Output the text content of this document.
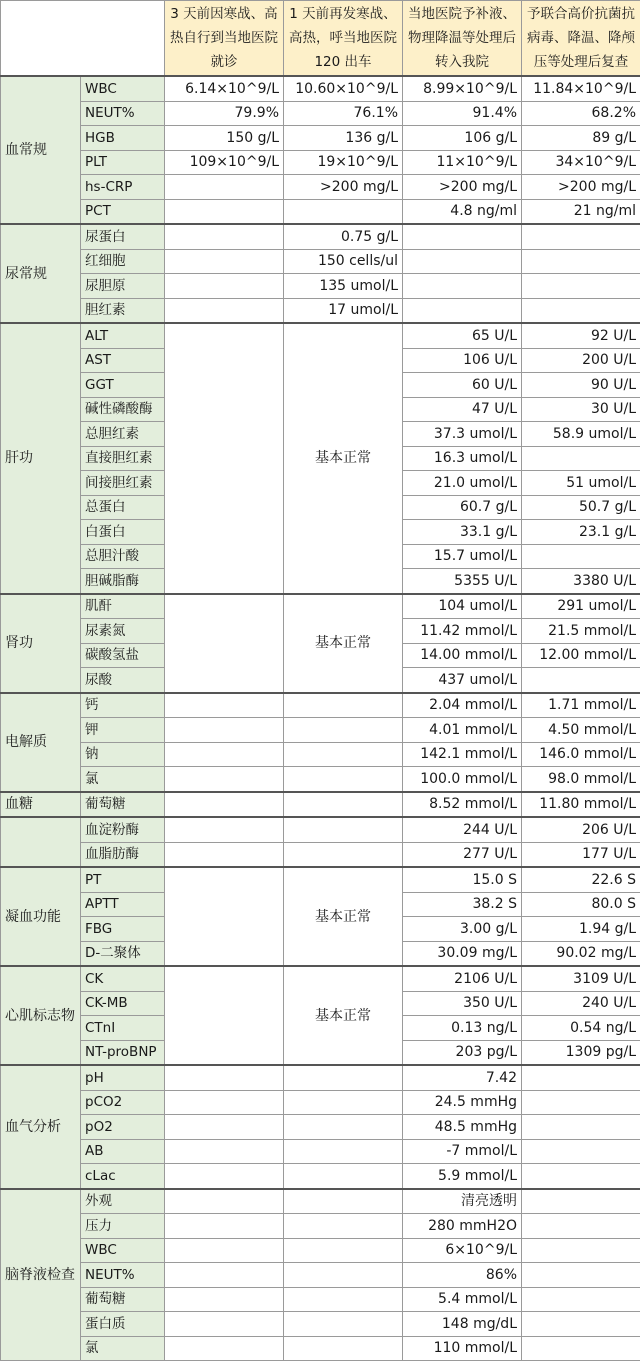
		3 天前因寒战、高热自行到当地医院就诊	1 天前再发寒战、高热，呼当地医院 120 出车	当地医院予补液、物理降温等处理后转入我院	予联合高价抗菌抗病毒、降温、降颅压等处理后复查
血常规	WBC	6.14×10^9/L	10.60×10^9/L	8.99×10^9/L	11.84×10^9/L
	NEUT%	79.9%	76.1%	91.4%	68.2%
	HGB	150 g/L	136 g/L	106 g/L	89 g/L
	PLT	109×10^9/L	19×10^9/L	11×10^9/L	34×10^9/L
	hs-CRP		>200 mg/L	>200 mg/L	>200 mg/L
	PCT			4.8 ng/ml	21 ng/ml
尿常规	尿蛋白		0.75 g/L		
	红细胞		150 cells/ul		
	尿胆原		135 umol/L		
	胆红素		17 umol/L		
肝功	ALT		基本正常	65 U/L	92 U/L
	AST			106 U/L	200 U/L
	GGT			60 U/L	90 U/L
	碱性磷酸酶			47 U/L	30 U/L
	总胆红素			37.3 umol/L	58.9 umol/L
	直接胆红素			16.3 umol/L	
	间接胆红素			21.0 umol/L	51 umol/L
	总蛋白			60.7 g/L	50.7 g/L
	白蛋白			33.1 g/L	23.1 g/L
	总胆汁酸			15.7 umol/L	
	胆碱脂酶			5355 U/L	3380 U/L
肾功	肌酐		基本正常	104 umol/L	291 umol/L
	尿素氮			11.42 mmol/L	21.5 mmol/L
	碳酸氢盐			14.00 mmol/L	12.00 mmol/L
	尿酸			437 umol/L	
电解质	钙			2.04 mmol/L	1.71 mmol/L
	钾			4.01 mmol/L	4.50 mmol/L
	钠			142.1 mmol/L	146.0 mmol/L
	氯			100.0 mmol/L	98.0 mmol/L
血糖	葡萄糖			8.52 mmol/L	11.80 mmol/L
	血淀粉酶			244 U/L	206 U/L
	血脂肪酶			277 U/L	177 U/L
凝血功能	PT		基本正常	15.0 S	22.6 S
	APTT			38.2 S	80.0 S
	FBG			3.00 g/L	1.94 g/L
	D-二聚体			30.09 mg/L	90.02 mg/L
心肌标志物	CK		基本正常	2106 U/L	3109 U/L
	CK-MB			350 U/L	240 U/L
	CTnI			0.13 ng/L	0.54 ng/L
	NT-proBNP			203 pg/L	1309 pg/L
血气分析	pH			7.42	
	pCO2			24.5 mmHg	
	pO2			48.5 mmHg	
	AB			-7 mmol/L	
	cLac			5.9 mmol/L	
脑脊液检查	外观			清亮透明	
	压力			280 mmH2O	
	WBC			6×10^9/L	
	NEUT%			86%	
	葡萄糖			5.4 mmol/L	
	蛋白质			148 mg/dL	
	氯			110 mmol/L	
